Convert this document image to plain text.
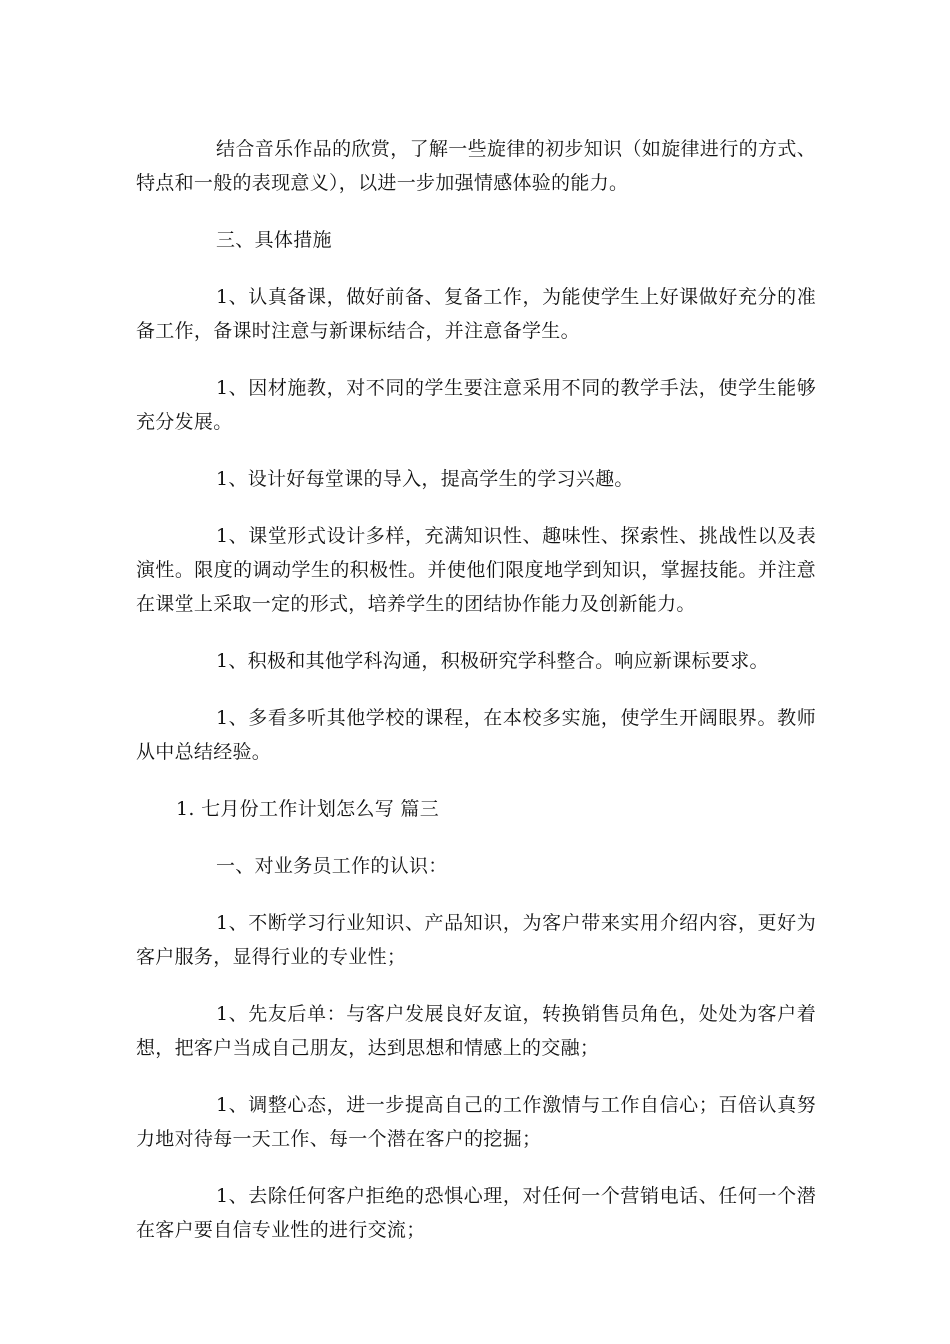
结合音乐作品的欣赏，了解一些旋律的初步知识（如旋律进行的方式、特点和一般的表现意义），以进一步加强情感体验的能力。

三、具体措施

1、认真备课，做好前备、复备工作，为能使学生上好课做好充分的准备工作，备课时注意与新课标结合，并注意备学生。

1、因材施教，对不同的学生要注意采用不同的教学手法，使学生能够充分发展。

1、设计好每堂课的导入，提高学生的学习兴趣。

1、课堂形式设计多样，充满知识性、趣味性、探索性、挑战性以及表演性。限度的调动学生的积极性。并使他们限度地学到知识，掌握技能。并注意在课堂上采取一定的形式，培养学生的团结协作能力及创新能力。

1、积极和其他学科沟通，积极研究学科整合。响应新课标要求。

1、多看多听其他学校的课程，在本校多实施，使学生开阔眼界。教师从中总结经验。

1. 七月份工作计划怎么写 篇三

一、对业务员工作的认识：

1、不断学习行业知识、产品知识，为客户带来实用介绍内容，更好为客户服务，显得行业的专业性；

1、先友后单：与客户发展良好友谊，转换销售员角色，处处为客户着想，把客户当成自己朋友，达到思想和情感上的交融；

1、调整心态，进一步提高自己的工作激情与工作自信心；百倍认真努力地对待每一天工作、每一个潜在客户的挖掘；

1、去除任何客户拒绝的恐惧心理，对任何一个营销电话、任何一个潜在客户要自信专业性的进行交流；
